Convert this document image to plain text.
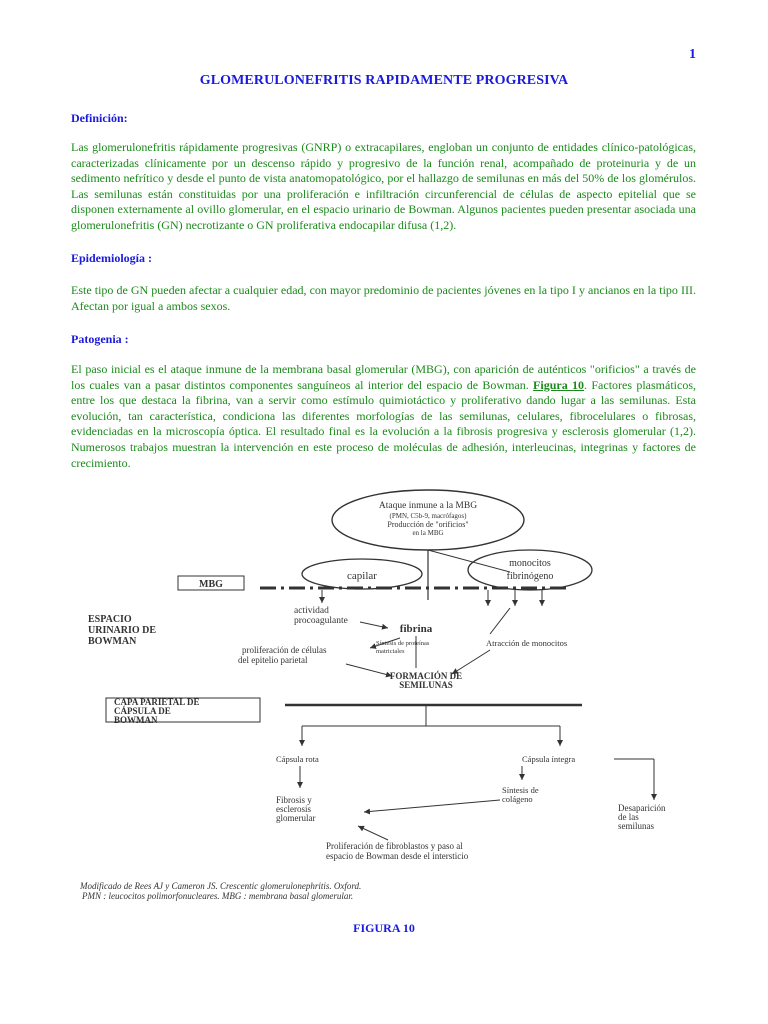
1
GLOMERULONEFRITIS RAPIDAMENTE PROGRESIVA
Definición:
Las glomerulonefritis rápidamente progresivas (GNRP) o extracapilares, engloban un conjunto de entidades clínico-patológicas, caracterizadas clínicamente por un descenso rápido y progresivo de la función renal, acompañado de proteinuria y de un sedimento nefrítico y desde el punto de vista anatomopatológico, por el hallazgo de semilunas en más del 50% de los glomérulos. Las semilunas están constituidas por una proliferación e infiltración circunferencial de células de aspecto epitelial que se disponen externamente al ovillo glomerular, en el espacio urinario de Bowman. Algunos pacientes pueden presentar asociada una glomerulonefritis (GN) necrotizante o GN proliferativa endocapilar difusa (1,2).
Epidemiología :
Este tipo de GN pueden afectar a cualquier edad, con mayor predominio de pacientes jóvenes en la tipo I y ancianos en la tipo III. Afectan por igual a ambos sexos.
Patogenia :
El paso inicial es el ataque inmune de la membrana basal glomerular (MBG), con aparición de auténticos "orificios" a través de los cuales van a pasar distintos componentes sanguíneos al interior del espacio de Bowman. Figura 10. Factores plasmáticos, entre los que destaca la fibrina, van a servir como estímulo quimiotáctico y proliferativo dando lugar a las semilunas. Esta evolución, tan característica, condiciona las diferentes morfologías de las semilunas, celulares, fibrocelulares o fibrosas, evidenciadas en la microscopía óptica. El resultado final es la evolución a la fibrosis progresiva y esclerosis glomerular (1,2). Numerosos trabajos muestran la intervención en este proceso de moléculas de adhesión, interleucinas, integrinas y factores de crecimiento.
Ataque inmune a la MBG
(PMN, C5b-9, macrófagos)
Producción de "orificios"
en la MBG
capilar
monocitos
fibrinógeno
MBG
ESPACIO
URINARIO DE
BOWMAN
actividad
procoagulante
fibrina
Síntesis de proteínas
matriciales
Atracción de monocitos
proliferación de células
del epitelio parietal
FORMACIÓN DE
SEMILUNAS
CAPA PARIETAL DE
CÁPSULA DE
BOWMAN
Cápsula rota	Cápsula íntegra
Síntesis de
colágeno
Fibrosis y
esclerosis
glomerular
Desaparición
de las
semilunas
Proliferación de fibroblastos y paso al
espacio de Bowman desde el intersticio
Modificado de Rees AJ y Cameron JS. Crescentic glomerulonephritis. Oxford.
PMN : leucocitos polimorfonucleares. MBG : membrana basal glomerular.
FIGURA 10
